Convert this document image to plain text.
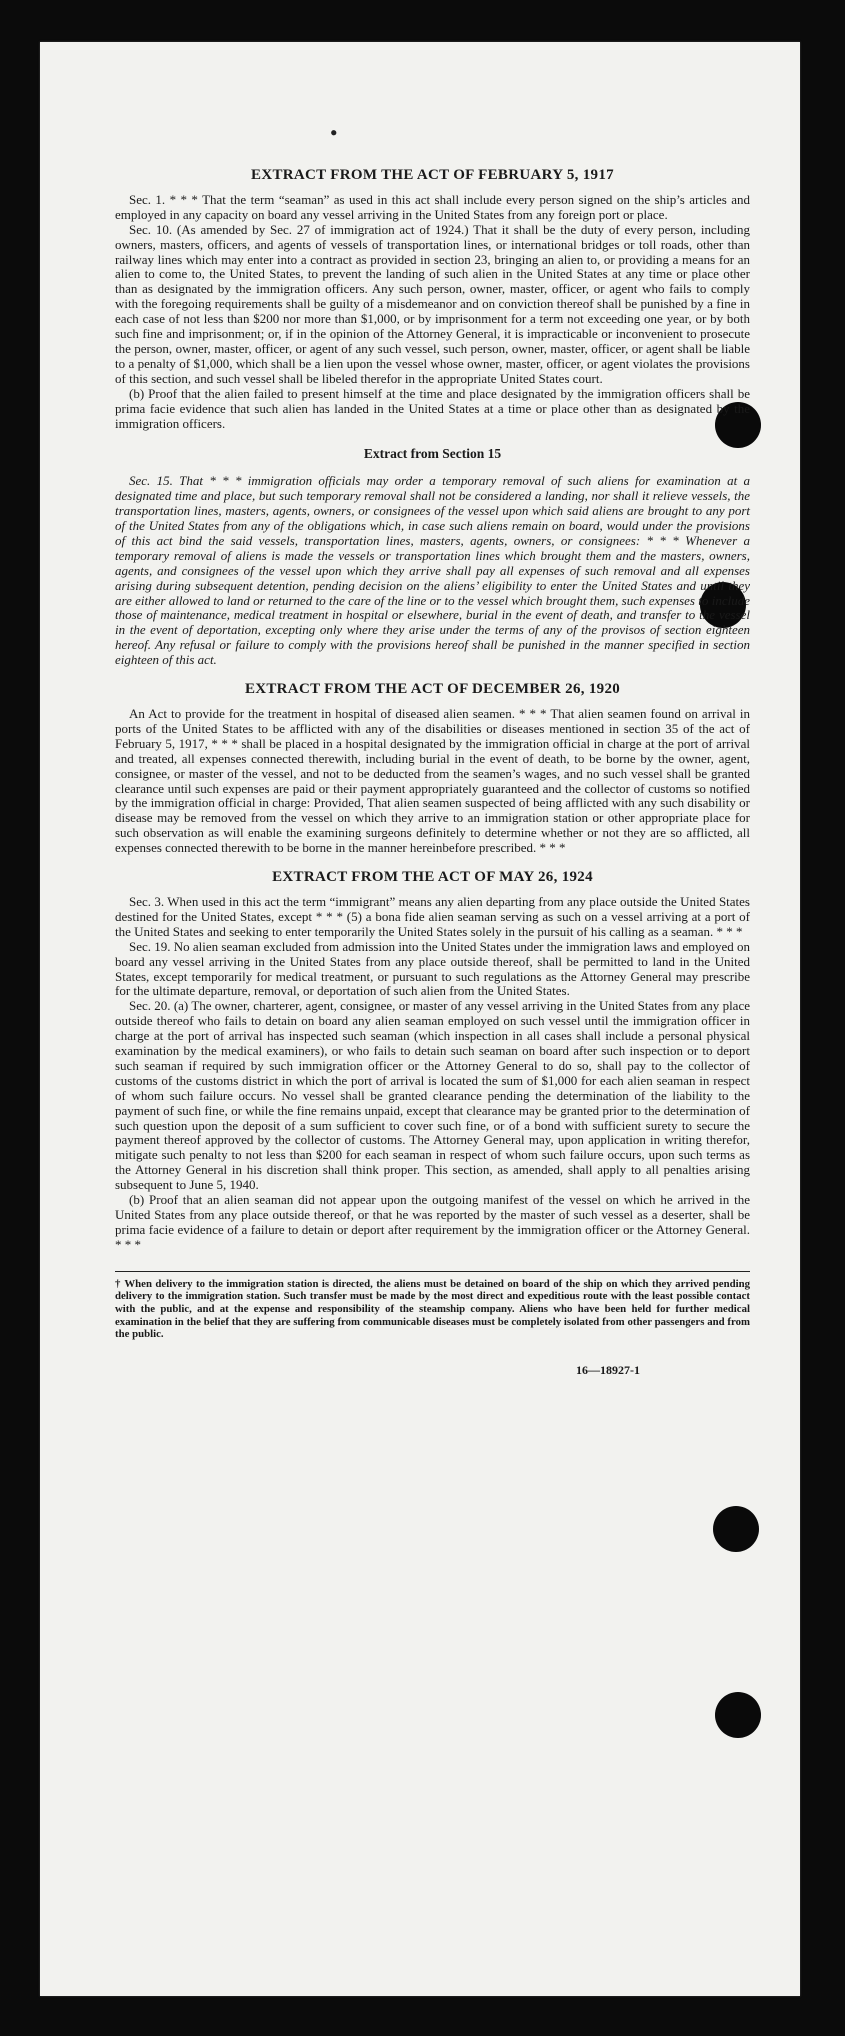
•
EXTRACT FROM THE ACT OF FEBRUARY 5, 1917

Sec. 1. * * * That the term “seaman” as used in this act shall include every person signed on the ship’s articles and employed in any capacity on board any vessel arriving in the United States from any foreign port or place.

Sec. 10. (As amended by Sec. 27 of immigration act of 1924.) That it shall be the duty of every person, including owners, masters, officers, and agents of vessels of transportation lines, or international bridges or toll roads, other than railway lines which may enter into a contract as provided in section 23, bringing an alien to, or providing a means for an alien to come to, the United States, to prevent the landing of such alien in the United States at any time or place other than as designated by the immigration officers. Any such person, owner, master, officer, or agent who fails to comply with the foregoing requirements shall be guilty of a misdemeanor and on conviction thereof shall be punished by a fine in each case of not less than $200 nor more than $1,000, or by imprisonment for a term not exceeding one year, or by both such fine and imprisonment; or, if in the opinion of the Attorney General, it is impracticable or inconvenient to prosecute the person, owner, master, officer, or agent of any such vessel, such person, owner, master, officer, or agent shall be liable to a penalty of $1,000, which shall be a lien upon the vessel whose owner, master, officer, or agent violates the provisions of this section, and such vessel shall be libeled therefor in the appropriate United States court.

(b) Proof that the alien failed to present himself at the time and place designated by the immigration officers shall be prima facie evidence that such alien has landed in the United States at a time or place other than as designated by the immigration officers.

Extract from Section 15

Sec. 15. That * * * immigration officials may order a temporary removal of such aliens for examination at a designated time and place, but such temporary removal shall not be considered a landing, nor shall it relieve vessels, the transportation lines, masters, agents, owners, or consignees of the vessel upon which said aliens are brought to any port of the United States from any of the obligations which, in case such aliens remain on board, would under the provisions of this act bind the said vessels, transportation lines, masters, agents, owners, or consignees: * * * Whenever a temporary removal of aliens is made the vessels or transportation lines which brought them and the masters, owners, agents, and consignees of the vessel upon which they arrive shall pay all expenses of such removal and all expenses arising during subsequent detention, pending decision on the aliens’ eligibility to enter the United States and until they are either allowed to land or returned to the care of the line or to the vessel which brought them, such expenses to include those of maintenance, medical treatment in hospital or elsewhere, burial in the event of death, and transfer to the vessel in the event of deportation, excepting only where they arise under the terms of any of the provisos of section eighteen hereof. Any refusal or failure to comply with the provisions hereof shall be punished in the manner specified in section eighteen of this act.

EXTRACT FROM THE ACT OF DECEMBER 26, 1920

An Act to provide for the treatment in hospital of diseased alien seamen. * * * That alien seamen found on arrival in ports of the United States to be afflicted with any of the disabilities or diseases mentioned in section 35 of the act of February 5, 1917, * * * shall be placed in a hospital designated by the immigration official in charge at the port of arrival and treated, all expenses connected therewith, including burial in the event of death, to be borne by the owner, agent, consignee, or master of the vessel, and not to be deducted from the seamen’s wages, and no such vessel shall be granted clearance until such expenses are paid or their payment appropriately guaranteed and the collector of customs so notified by the immigration official in charge: Provided, That alien seamen suspected of being afflicted with any such disability or disease may be removed from the vessel on which they arrive to an immigration station or other appropriate place for such observation as will enable the examining surgeons definitely to determine whether or not they are so afflicted, all expenses connected therewith to be borne in the manner hereinbefore prescribed. * * *

EXTRACT FROM THE ACT OF MAY 26, 1924

Sec. 3. When used in this act the term “immigrant” means any alien departing from any place outside the United States destined for the United States, except * * * (5) a bona fide alien seaman serving as such on a vessel arriving at a port of the United States and seeking to enter temporarily the United States solely in the pursuit of his calling as a seaman. * * *

Sec. 19. No alien seaman excluded from admission into the United States under the immigration laws and employed on board any vessel arriving in the United States from any place outside thereof, shall be permitted to land in the United States, except temporarily for medical treatment, or pursuant to such regulations as the Attorney General may prescribe for the ultimate departure, removal, or deportation of such alien from the United States.

Sec. 20. (a) The owner, charterer, agent, consignee, or master of any vessel arriving in the United States from any place outside thereof who fails to detain on board any alien seaman employed on such vessel until the immigration officer in charge at the port of arrival has inspected such seaman (which inspection in all cases shall include a personal physical examination by the medical examiners), or who fails to detain such seaman on board after such inspection or to deport such seaman if required by such immigration officer or the Attorney General to do so, shall pay to the collector of customs of the customs district in which the port of arrival is located the sum of $1,000 for each alien seaman in respect of whom such failure occurs. No vessel shall be granted clearance pending the determination of the liability to the payment of such fine, or while the fine remains unpaid, except that clearance may be granted prior to the determination of such question upon the deposit of a sum sufficient to cover such fine, or of a bond with sufficient surety to secure the payment thereof approved by the collector of customs. The Attorney General may, upon application in writing therefor, mitigate such penalty to not less than $200 for each seaman in respect of whom such failure occurs, upon such terms as the Attorney General in his discretion shall think proper. This section, as amended, shall apply to all penalties arising subsequent to June 5, 1940.

(b) Proof that an alien seaman did not appear upon the outgoing manifest of the vessel on which he arrived in the United States from any place outside thereof, or that he was reported by the master of such vessel as a deserter, shall be prima facie evidence of a failure to detain or deport after requirement by the immigration officer or the Attorney General. * * *

† When delivery to the immigration station is directed, the aliens must be detained on board of the ship on which they arrived pending delivery to the immigration station. Such transfer must be made by the most direct and expeditious route with the least possible contact with the public, and at the expense and responsibility of the steamship company. Aliens who have been held for further medical examination in the belief that they are suffering from communicable diseases must be completely isolated from other passengers and from the public.
16—18927-1
